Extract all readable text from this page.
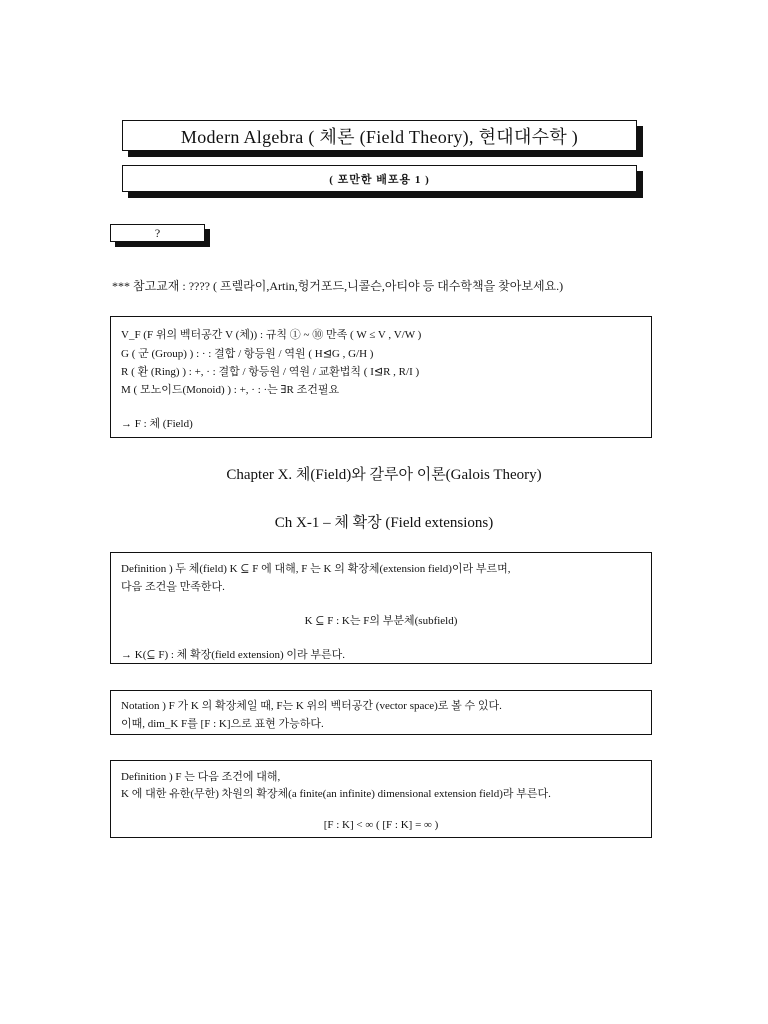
Modern Algebra ( 체론 (Field Theory), 현대대수학 )
( 포만한 배포용 1 )
?
*** 참고교재 : ???? ( 프렐라이,Artin,헝거포드,니콜슨,아티야 등 대수학책을 찾아보세요.)
V_F (F 위의 벡터공간 V (체)) : 규칙 ① ~ ⑩ 만족 ( W ≤ V , V/W )
G ( 군 (Group) ) : · : 결합 / 항등원 / 역원 ( H⊴G , G/H )
R ( 환 (Ring) ) : +, · : 결합 / 항등원 / 역원 / 교환법칙 ( I⊴R , R/I )
M ( 모노이드(Monoid) ) : +, · : ·는 ∃R 조건필요
→ F : 체 (Field)
Chapter X. 체(Field)와 갈루아 이론(Galois Theory)
Ch X-1 – 체 확장 (Field extensions)
Definition ) 두 체(field) K ⊆ F 에 대해, F 는 K 의 확장체(extension field)이라 부르며,
다음 조건을 만족한다.
K ⊆ F : K는 F의 부분체(subfield)
→ K(⊆ F) : 체 확장(field extension) 이라 부른다.
Notation ) F 가 K 의 확장체일 때, F는 K 위의 벡터공간 (vector space)로 볼 수 있다.
이때, dim_K F를 [F : K]으로 표현 가능하다.
Definition ) F 는 다음 조건에 대해,
K 에 대한 유한(무한) 차원의 확장체(a finite(an infinite) dimensional extension field)라 부른다.
[F : K] < ∞ ( [F : K] = ∞ )
